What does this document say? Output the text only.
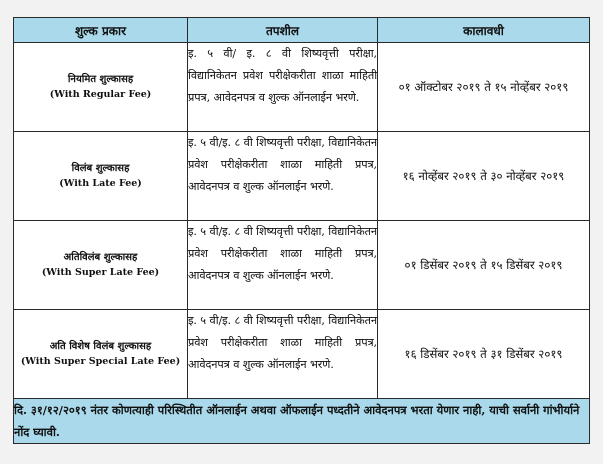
शुल्क प्रकार	तपशील	कालावधी

नियमित शुल्कासह
(With Regular Fee)	इ. ५ वी/ इ. ८ वी शिष्यवृत्ती परीक्षा, विद्यानिकेतन प्रवेश परीक्षेकरीता शाळा माहिती प्रपत्र, आवेदनपत्र व शुल्क ऑनलाईन भरणे.	०१ ऑक्टोबर २०१९ ते १५ नोव्हेंबर २०१९

विलंब शुल्कासह
(With Late Fee)	इ. ५ वी/इ. ८ वी शिष्यवृत्ती परीक्षा, विद्यानिकेतन प्रवेश परीक्षेकरीता शाळा माहिती प्रपत्र, आवेदनपत्र व शुल्क ऑनलाईन भरणे.	१६ नोव्हेंबर २०१९ ते ३० नोव्हेंबर २०१९

अतिविलंब शुल्कासह
(With Super Late Fee)	इ. ५ वी/इ. ८ वी शिष्यवृत्ती परीक्षा, विद्यानिकेतन प्रवेश परीक्षेकरीता शाळा माहिती प्रपत्र, आवेदनपत्र व शुल्क ऑनलाईन भरणे.	०१ डिसेंबर २०१९ ते १५ डिसेंबर २०१९

अति विशेष विलंब शुल्कासह
(With Super Special Late Fee)	इ. ५ वी/इ. ८ वी शिष्यवृत्ती परीक्षा, विद्यानिकेतन प्रवेश परीक्षेकरीता शाळा माहिती प्रपत्र, आवेदनपत्र व शुल्क ऑनलाईन भरणे.	१६ डिसेंबर २०१९ ते ३१ डिसेंबर २०१९
दि. ३१/१२/२०१९ नंतर कोणत्याही परिस्थितीत ऑनलाईन अथवा ऑफलाईन पध्दतीने आवेदनपत्र भरता येणार नाही, याची सर्वानी गांभीर्याने नोंद घ्यावी.		
